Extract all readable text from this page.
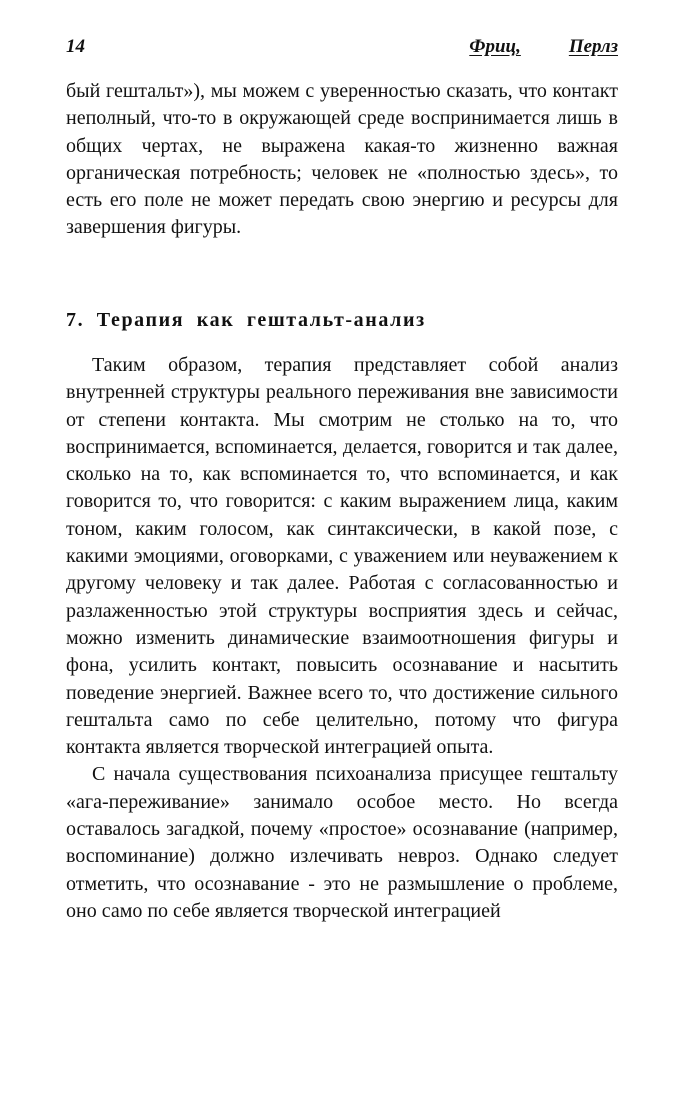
14	Фриц,	Перлз

бый гештальт»), мы можем с уверенностью сказать, что контакт неполный, что-то в окружающей среде воспринимается лишь в общих чертах, не выражена какая-то жизненно важная органическая потребность; человек не «полностью здесь», то есть его поле не может передать свою энергию и ресурсы для завершения фигуры.

7. Терапия как гештальт-анализ

Таким образом, терапия представляет собой анализ внутренней структуры реального переживания вне зависимости от степени контакта. Мы смотрим не столько на то, что воспринимается, вспоминается, делается, говорится и так далее, сколько на то, как вспоминается то, что вспоминается, и как говорится то, что говорится: с каким выражением лица, каким тоном, каким голосом, как синтаксически, в какой позе, с какими эмоциями, оговорками, с уважением или неуважением к другому человеку и так далее. Работая с согласованностью и разлаженностью этой структуры восприятия здесь и сейчас, можно изменить динамические взаимоотношения фигуры и фона, усилить контакт, повысить осознавание и насытить поведение энергией. Важнее всего то, что достижение сильного гештальта само по себе целительно, потому что фигура контакта является творческой интеграцией опыта.

С начала существования психоанализа присущее гештальту «ага-переживание» занимало особое место. Но всегда оставалось загадкой, почему «простое» осознавание (например, воспоминание) должно излечивать невроз. Однако следует отметить, что осознавание - это не размышление о проблеме, оно само по себе является творческой интеграцией
